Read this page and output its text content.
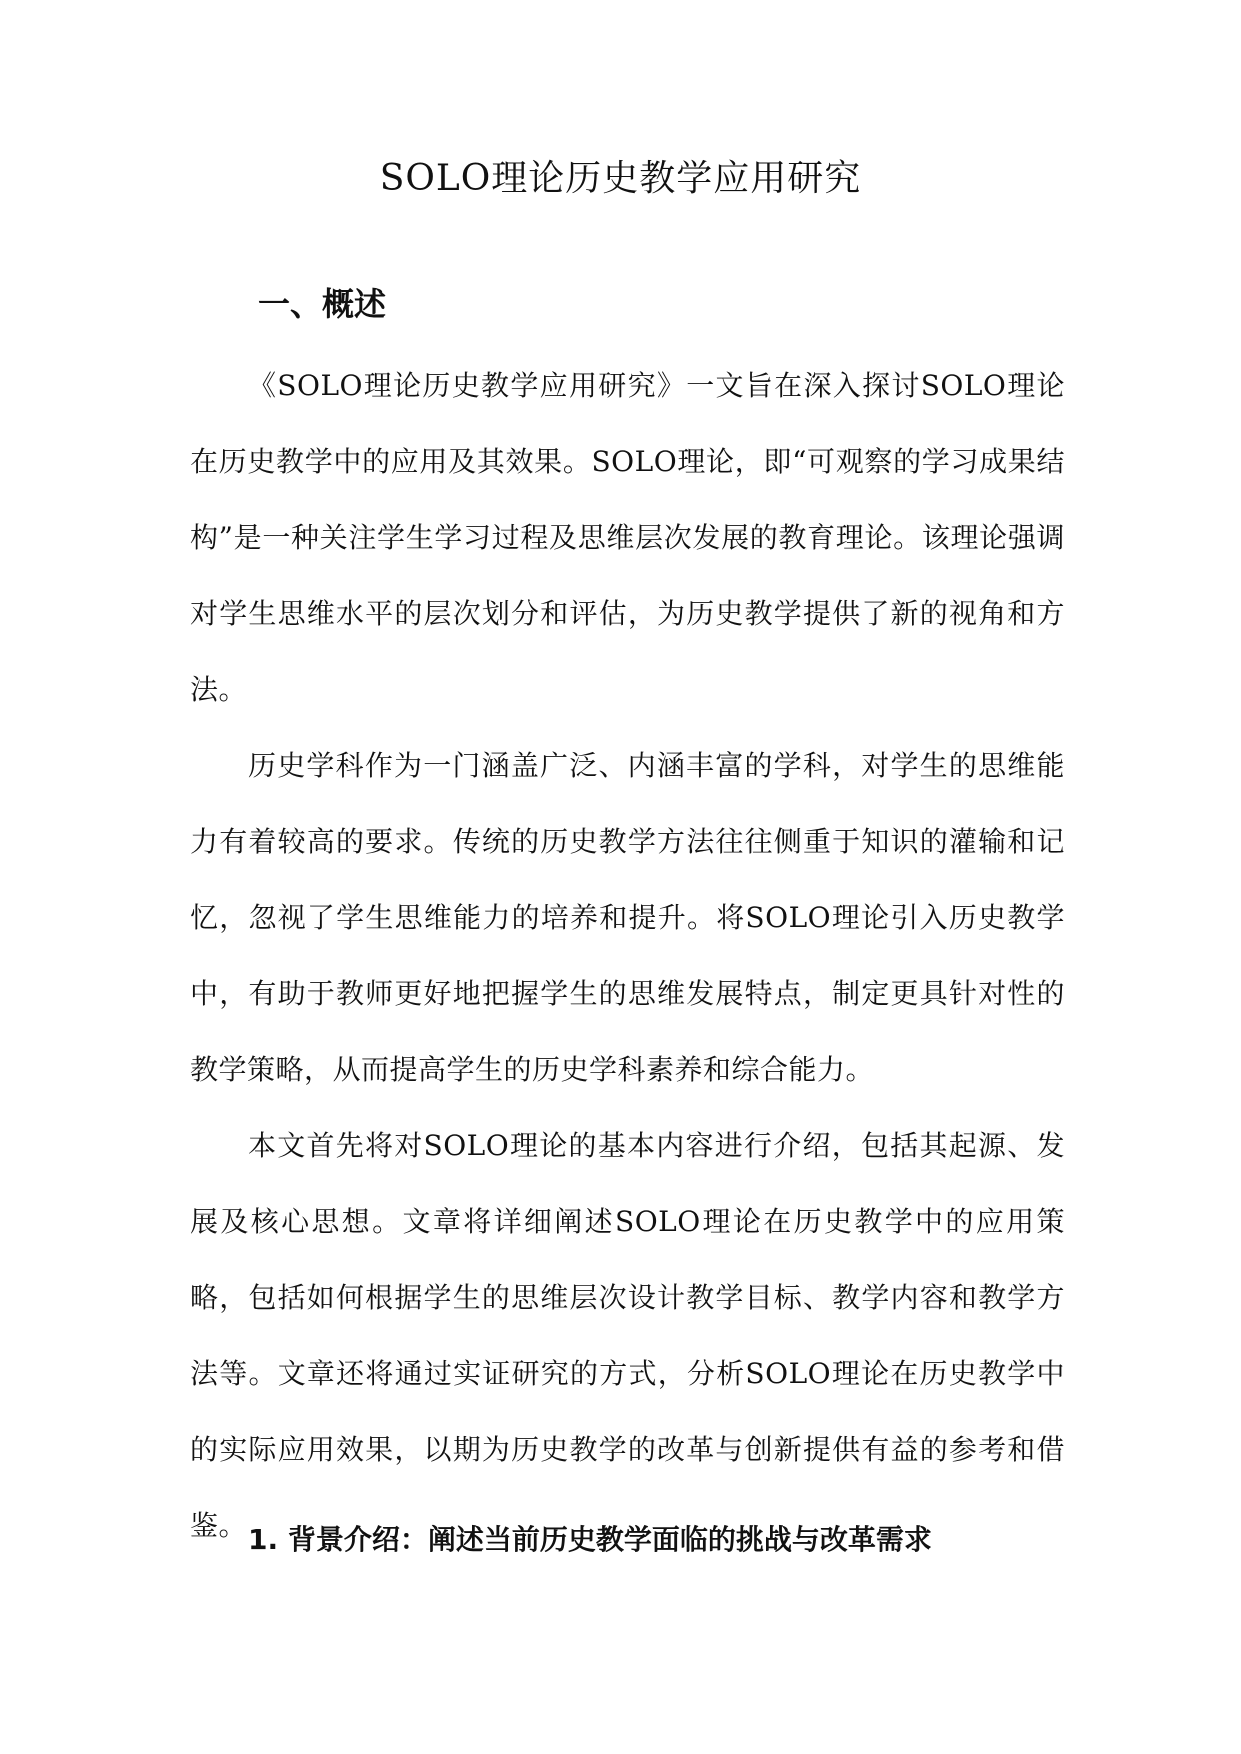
SOLO理论历史教学应用研究
一、概述

《SOLO理论历史教学应用研究》一文旨在深入探讨SOLO理论在历史教学中的应用及其效果。SOLO理论，即“可观察的学习成果结构”是一种关注学生学习过程及思维层次发展的教育理论。该理论强调对学生思维水平的层次划分和评估，为历史教学提供了新的视角和方法。

历史学科作为一门涵盖广泛、内涵丰富的学科，对学生的思维能力有着较高的要求。传统的历史教学方法往往侧重于知识的灌输和记忆，忽视了学生思维能力的培养和提升。将SOLO理论引入历史教学中，有助于教师更好地把握学生的思维发展特点，制定更具针对性的教学策略，从而提高学生的历史学科素养和综合能力。

本文首先将对SOLO理论的基本内容进行介绍，包括其起源、发展及核心思想。文章将详细阐述SOLO理论在历史教学中的应用策略，包括如何根据学生的思维层次设计教学目标、教学内容和教学方法等。文章还将通过实证研究的方式，分析SOLO理论在历史教学中的实际应用效果，以期为历史教学的改革与创新提供有益的参考和借鉴。 1. 背景介绍：阐述当前历史教学面临的挑战与改革需求
